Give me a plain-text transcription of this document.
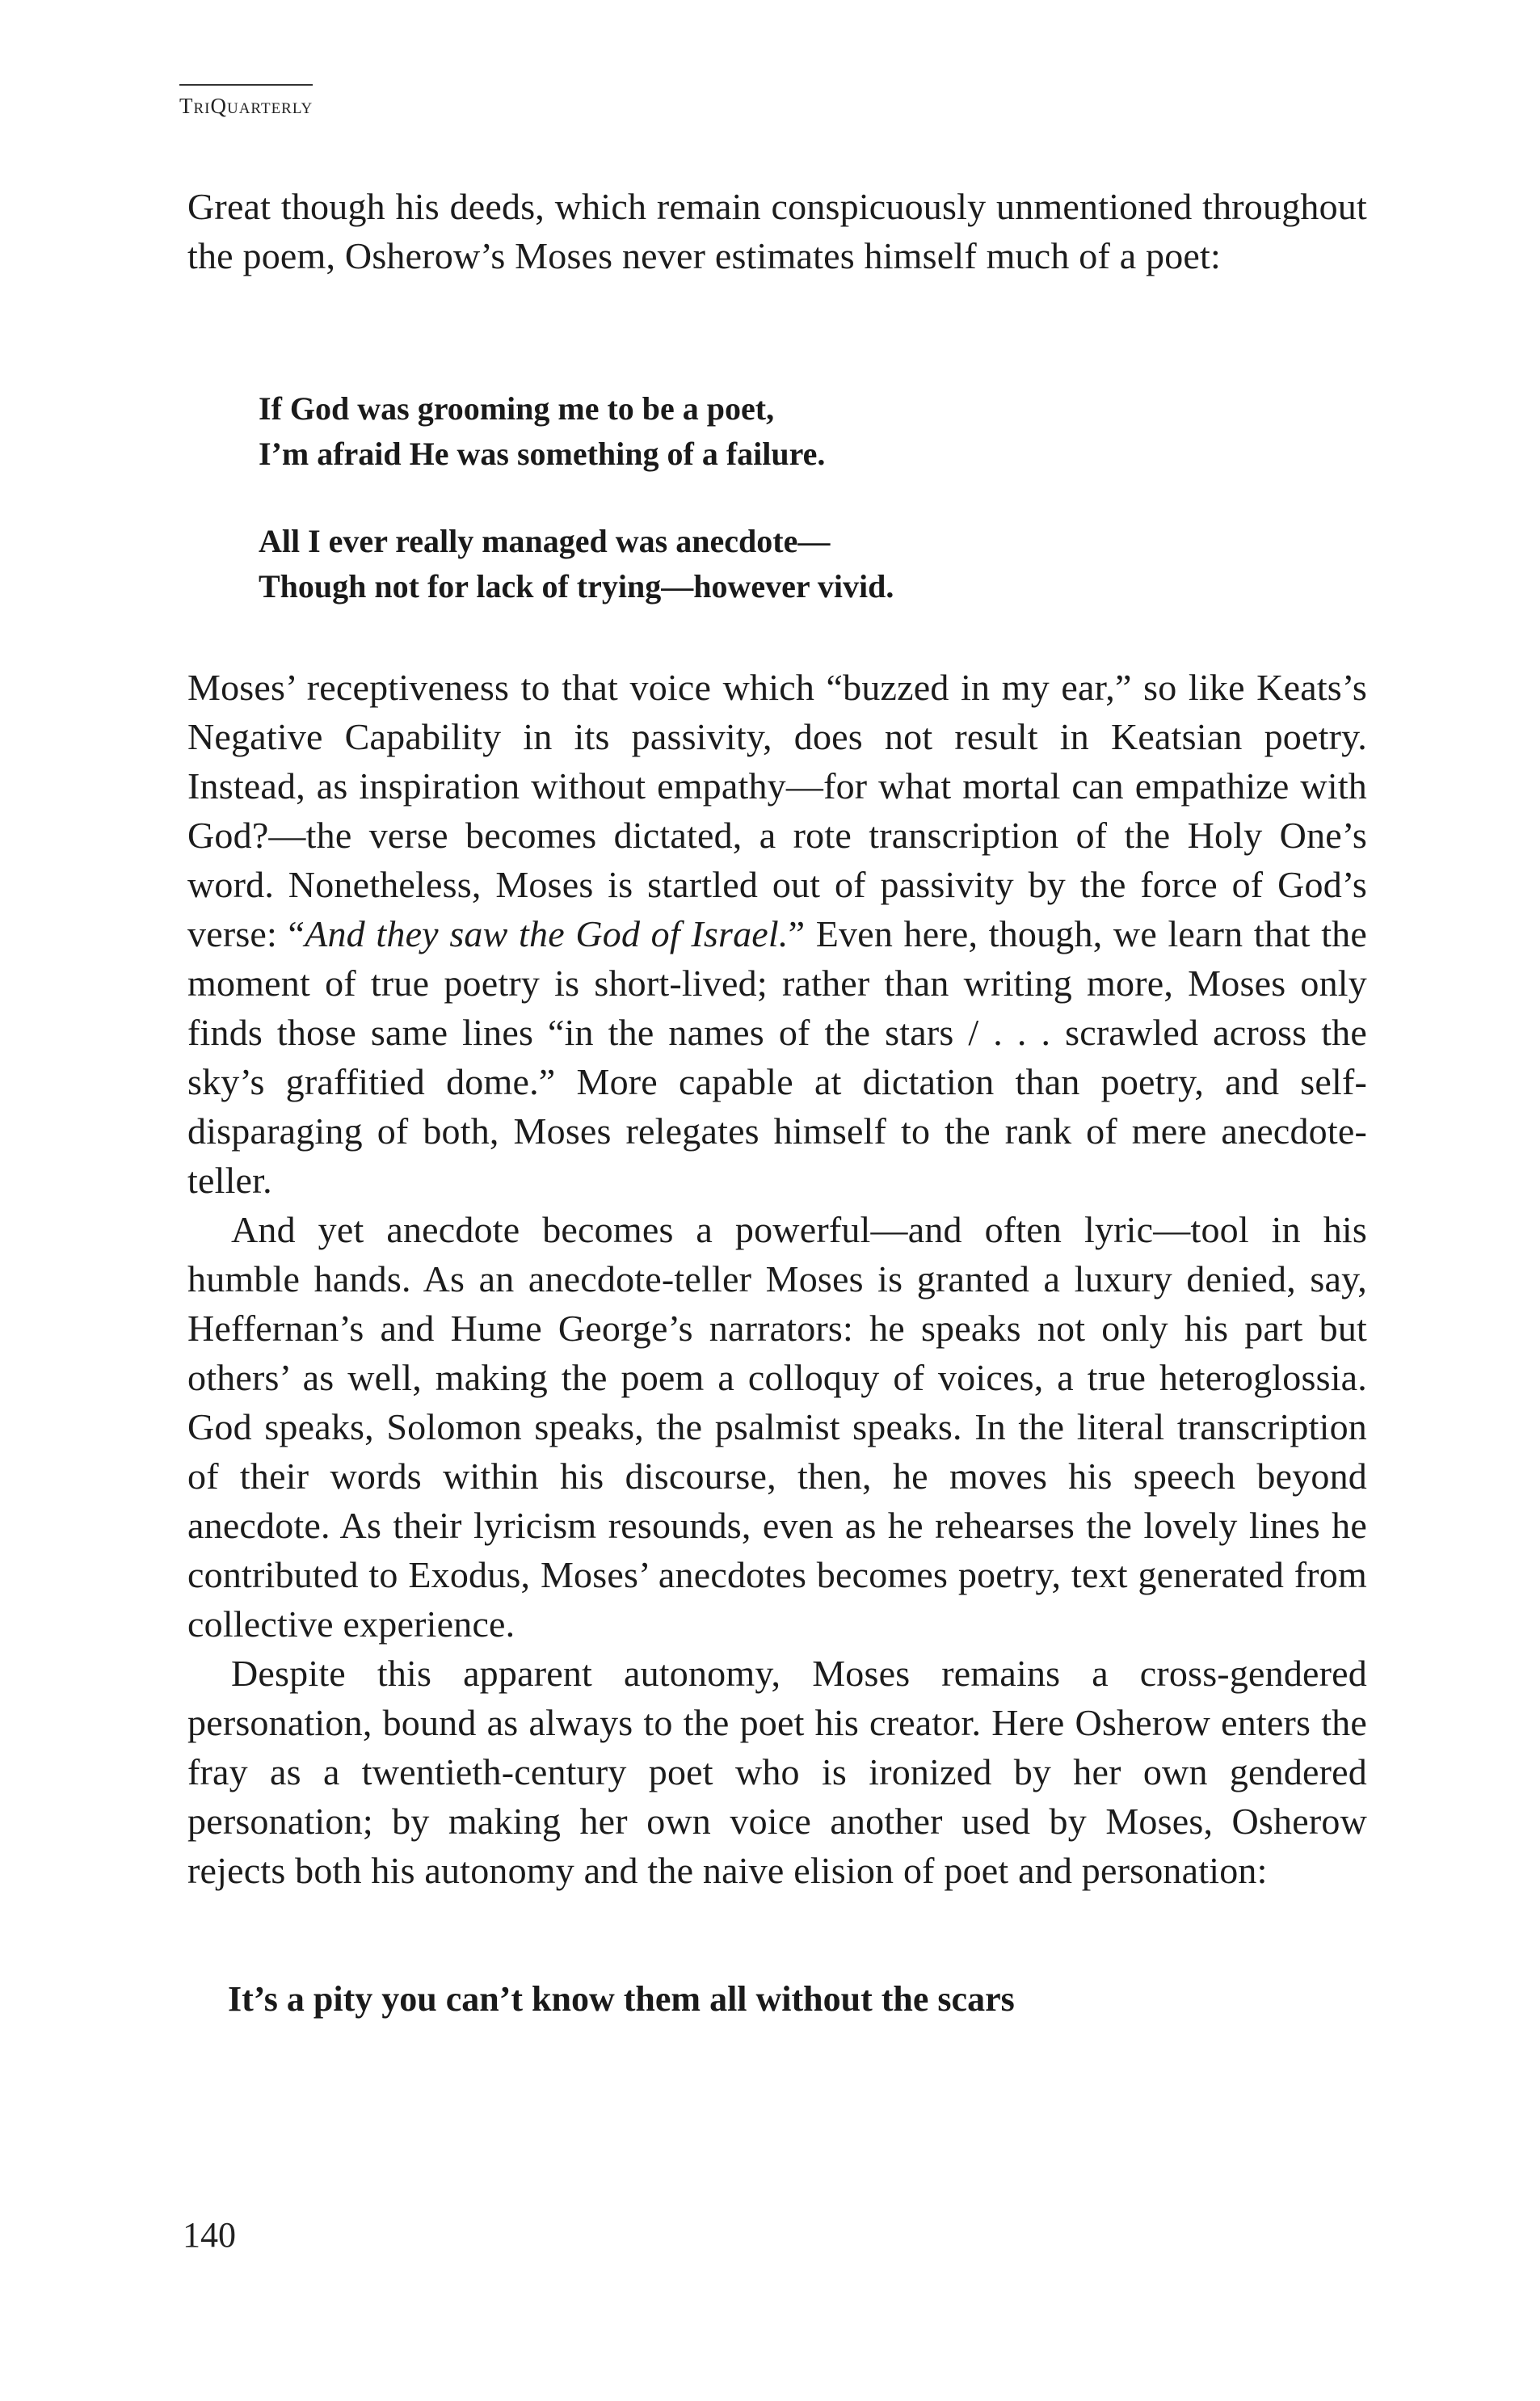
TriQuarterly

Great though his deeds, which remain conspicuously unmentioned throughout the poem, Osherow’s Moses never estimates himself much of a poet:

If God was grooming me to be a poet,
I’m afraid He was something of a failure.
All I ever really managed was anecdote—
Though not for lack of trying—however vivid.

Moses’ receptiveness to that voice which “buzzed in my ear,” so like Keats’s Negative Capability in its passivity, does not result in Keatsian poetry. Instead, as inspiration without empathy—for what mortal can empathize with God?—the verse becomes dictated, a rote transcription of the Holy One’s word. Nonetheless, Moses is startled out of passivity by the force of God’s verse: “And they saw the God of Israel.” Even here, though, we learn that the moment of true poetry is short-lived; rather than writing more, Moses only finds those same lines “in the names of the stars / . . . scrawled across the sky’s graffitied dome.” More capable at dictation than poetry, and self-disparaging of both, Moses relegates himself to the rank of mere anecdote-teller.

And yet anecdote becomes a powerful—and often lyric—tool in his humble hands. As an anecdote-teller Moses is granted a luxury denied, say, Heffernan’s and Hume George’s narrators: he speaks not only his part but others’ as well, making the poem a colloquy of voices, a true heteroglossia. God speaks, Solomon speaks, the psalmist speaks. In the literal transcription of their words within his discourse, then, he moves his speech beyond anecdote. As their lyricism resounds, even as he rehearses the lovely lines he contributed to Exodus, Moses’ anecdotes becomes poetry, text generated from collective experience.

Despite this apparent autonomy, Moses remains a cross-gendered personation, bound as always to the poet his creator. Here Osherow enters the fray as a twentieth-century poet who is ironized by her own gendered personation; by making her own voice another used by Moses, Osherow rejects both his autonomy and the naive elision of poet and personation:

It’s a pity you can’t know them all without the scars
140
